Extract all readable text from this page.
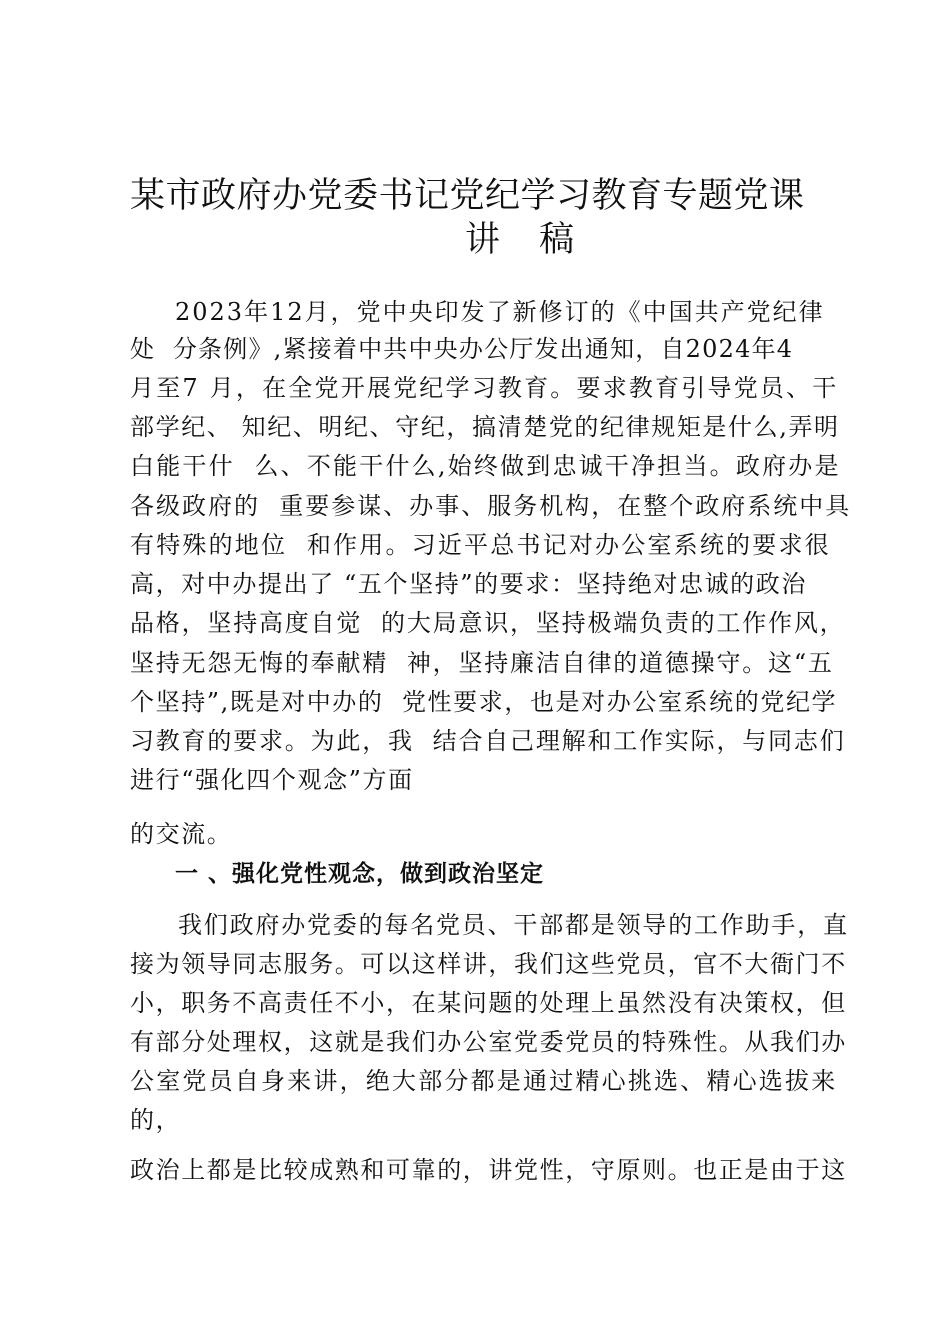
某市政府办党委书记党纪学习教育专题党课
讲 稿
2023年12月，党中央印发了新修订的《中国共产党纪律
处  分条例》,紧接着中共中央办公厅发出通知，自2024年4
月至7 月，在全党开展党纪学习教育。要求教育引导党员、干
部学纪、 知纪、明纪、守纪，搞清楚党的纪律规矩是什么,弄明
白能干什  么、不能干什么,始终做到忠诚干净担当。政府办是
各级政府的  重要参谋、办事、服务机构，在整个政府系统中具
有特殊的地位  和作用。习近平总书记对办公室系统的要求很
高，对中办提出了 “五个坚持”的要求：坚持绝对忠诚的政治
品格，坚持高度自觉  的大局意识，坚持极端负责的工作作风，
坚持无怨无悔的奉献精  神，坚持廉洁自律的道德操守。这“五
个坚持”,既是对中办的  党性要求，也是对办公室系统的党纪学
习教育的要求。为此，我  结合自己理解和工作实际，与同志们
进行“强化四个观念”方面
的交流。
一 、强化党性观念，做到政治坚定
我们政府办党委的每名党员、干部都是领导的工作助手，直
接为领导同志服务。可以这样讲，我们这些党员，官不大衙门不
小，职务不高责任不小，在某问题的处理上虽然没有决策权，但
有部分处理权，这就是我们办公室党委党员的特殊性。从我们办
公室党员自身来讲，绝大部分都是通过精心挑选、精心选拔来
的，
政治上都是比较成熟和可靠的，讲党性，守原则。也正是由于这
